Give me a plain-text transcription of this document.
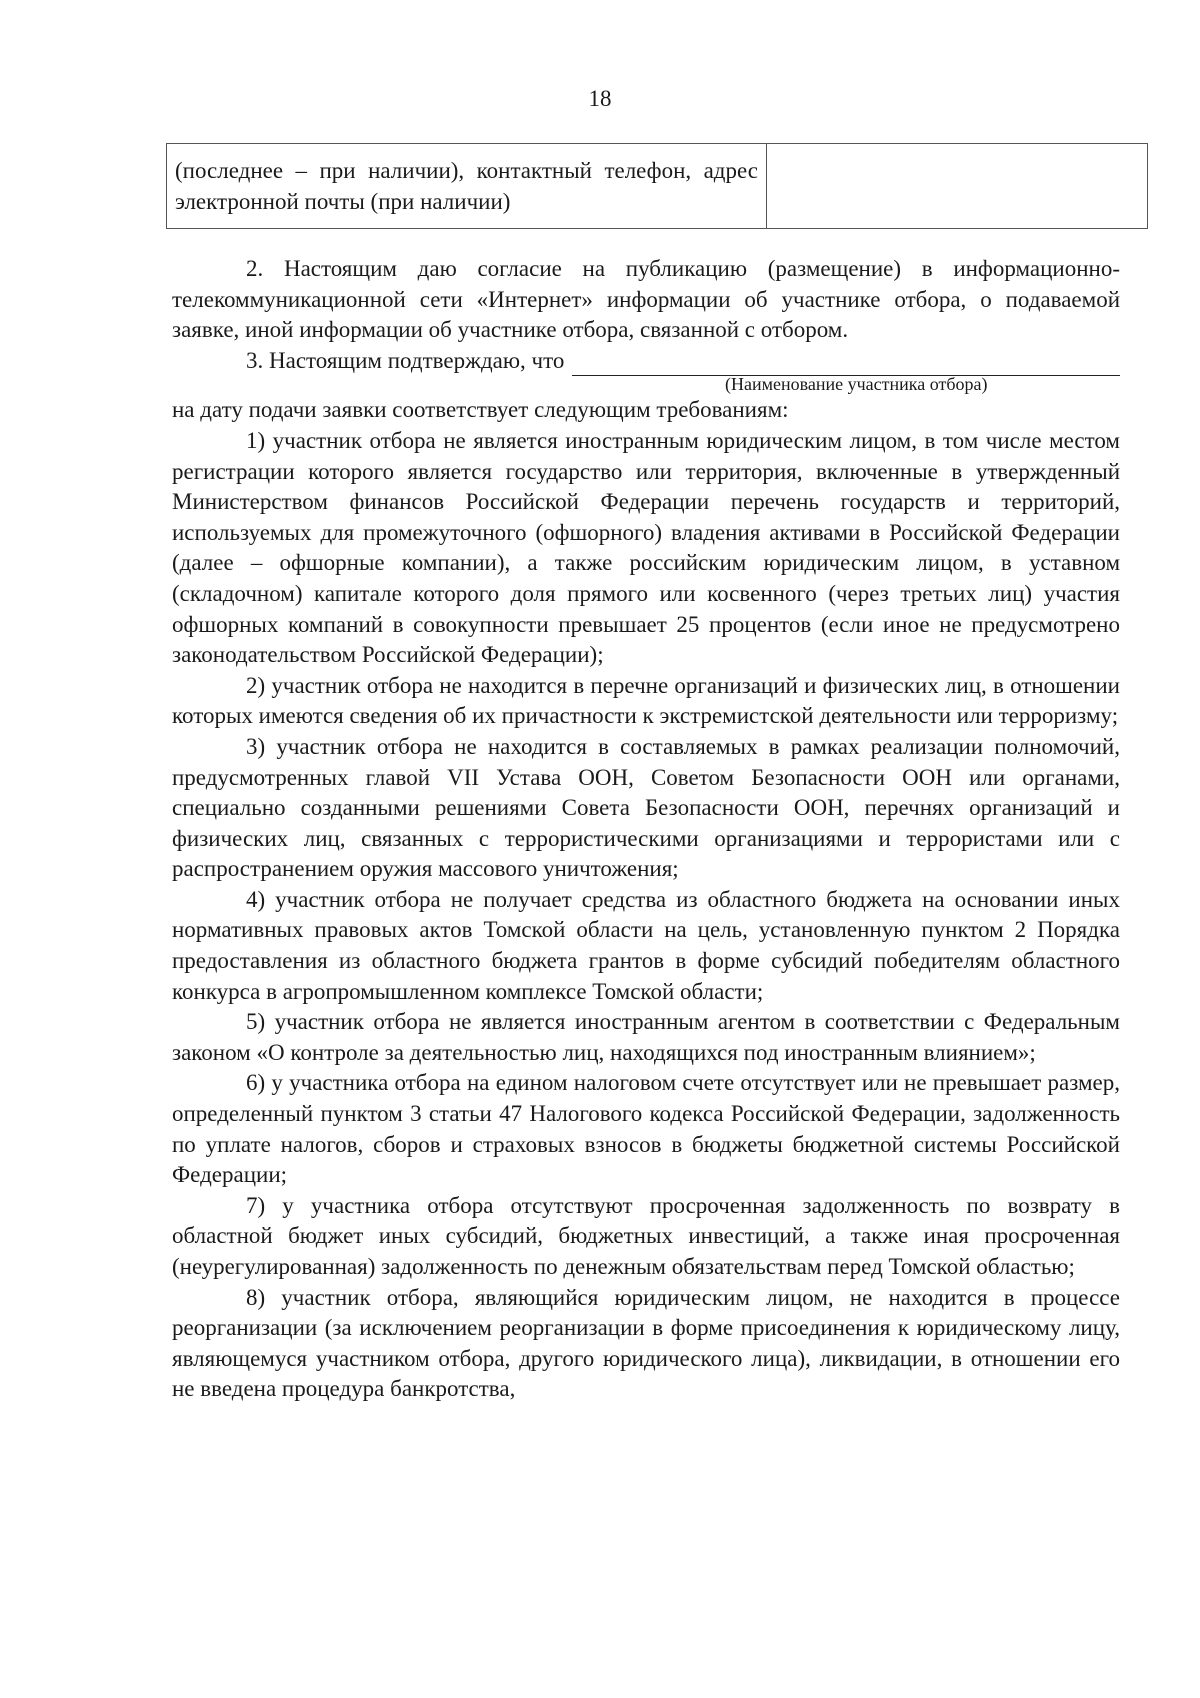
18
(последнее – при наличии), контактный телефон, адрес электронной почты (при наличии)	

2. Настоящим даю согласие на публикацию (размещение) в информационно-телекоммуникационной сети «Интернет» информации об участнике отбора, о подаваемой заявке, иной информации об участнике отбора, связанной с отбором.

3. Настоящим подтверждаю, что
(Наименование участника отбора)

на дату подачи заявки соответствует следующим требованиям:

1) участник отбора не является иностранным юридическим лицом, в том числе местом регистрации которого является государство или территория, включенные в утвержденный Министерством финансов Российской Федерации перечень государств и территорий, используемых для промежуточного (офшорного) владения активами в Российской Федерации (далее – офшорные компании), а также российским юридическим лицом, в уставном (складочном) капитале которого доля прямого или косвенного (через третьих лиц) участия офшорных компаний в совокупности превышает 25 процентов (если иное не предусмотрено законодательством Российской Федерации);

2) участник отбора не находится в перечне организаций и физических лиц, в отношении которых имеются сведения об их причастности к экстремистской деятельности или терроризму;

3) участник отбора не находится в составляемых в рамках реализации полномочий, предусмотренных главой VII Устава ООН, Советом Безопасности ООН или органами, специально созданными решениями Совета Безопасности ООН, перечнях организаций и физических лиц, связанных с террористическими организациями и террористами или с распространением оружия массового уничтожения;

4) участник отбора не получает средства из областного бюджета на основании иных нормативных правовых актов Томской области на цель, установленную пунктом 2 Порядка предоставления из областного бюджета грантов в форме субсидий победителям областного конкурса в агропромышленном комплексе Томской области;

5) участник отбора не является иностранным агентом в соответствии с Федеральным законом «О контроле за деятельностью лиц, находящихся под иностранным влиянием»;

6) у участника отбора на едином налоговом счете отсутствует или не превышает размер, определенный пунктом 3 статьи 47 Налогового кодекса Российской Федерации, задолженность по уплате налогов, сборов и страховых взносов в бюджеты бюджетной системы Российской Федерации;

7) у участника отбора отсутствуют просроченная задолженность по возврату в областной бюджет иных субсидий, бюджетных инвестиций, а также иная просроченная (неурегулированная) задолженность по денежным обязательствам перед Томской областью;

8) участник отбора, являющийся юридическим лицом, не находится в процессе реорганизации (за исключением реорганизации в форме присоединения к юридическому лицу, являющемуся участником отбора, другого юридического лица), ликвидации, в отношении его не введена процедура банкротства,
